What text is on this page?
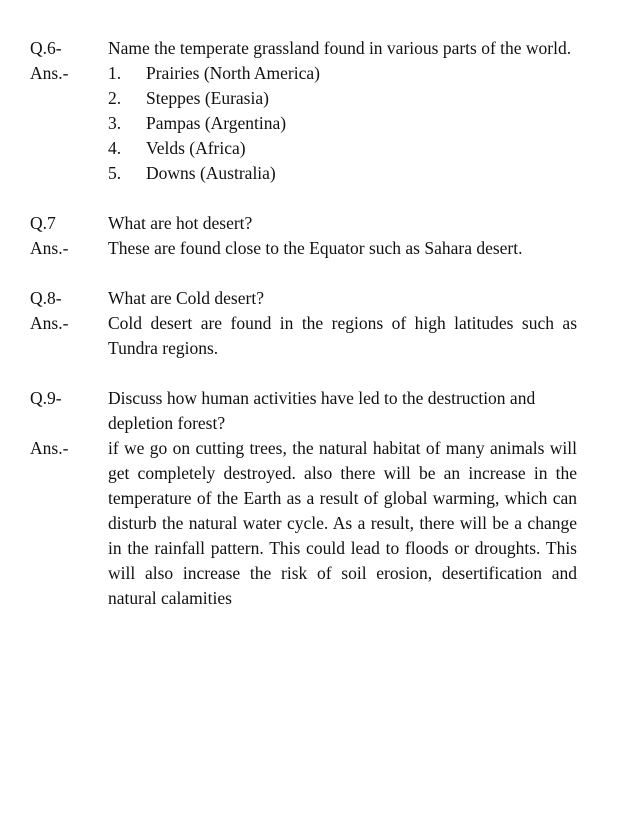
Q.6-	Name the temperate grassland found in various parts of the world.
Ans.-	1.	Prairies (North America)
2.	Steppes (Eurasia)
3.	Pampas (Argentina)
4.	Velds (Africa)
5.	Downs (Australia)
Q.7	What are hot desert?
Ans.-	These are found close to the Equator such as Sahara desert.
Q.8-	What are Cold desert?
Ans.-	Cold desert are found in the regions of high latitudes such as Tundra regions.
Q.9-	Discuss how human activities have led to the destruction and depletion forest?
Ans.-	if we go on cutting trees, the natural habitat of many animals will get completely destroyed. also there will be an increase in the temperature of the Earth as a result of global warming, which can disturb the natural water cycle. As a result, there will be a change in the rainfall pattern. This could lead to floods or droughts. This will also increase the risk of soil erosion, desertification and natural calamities
